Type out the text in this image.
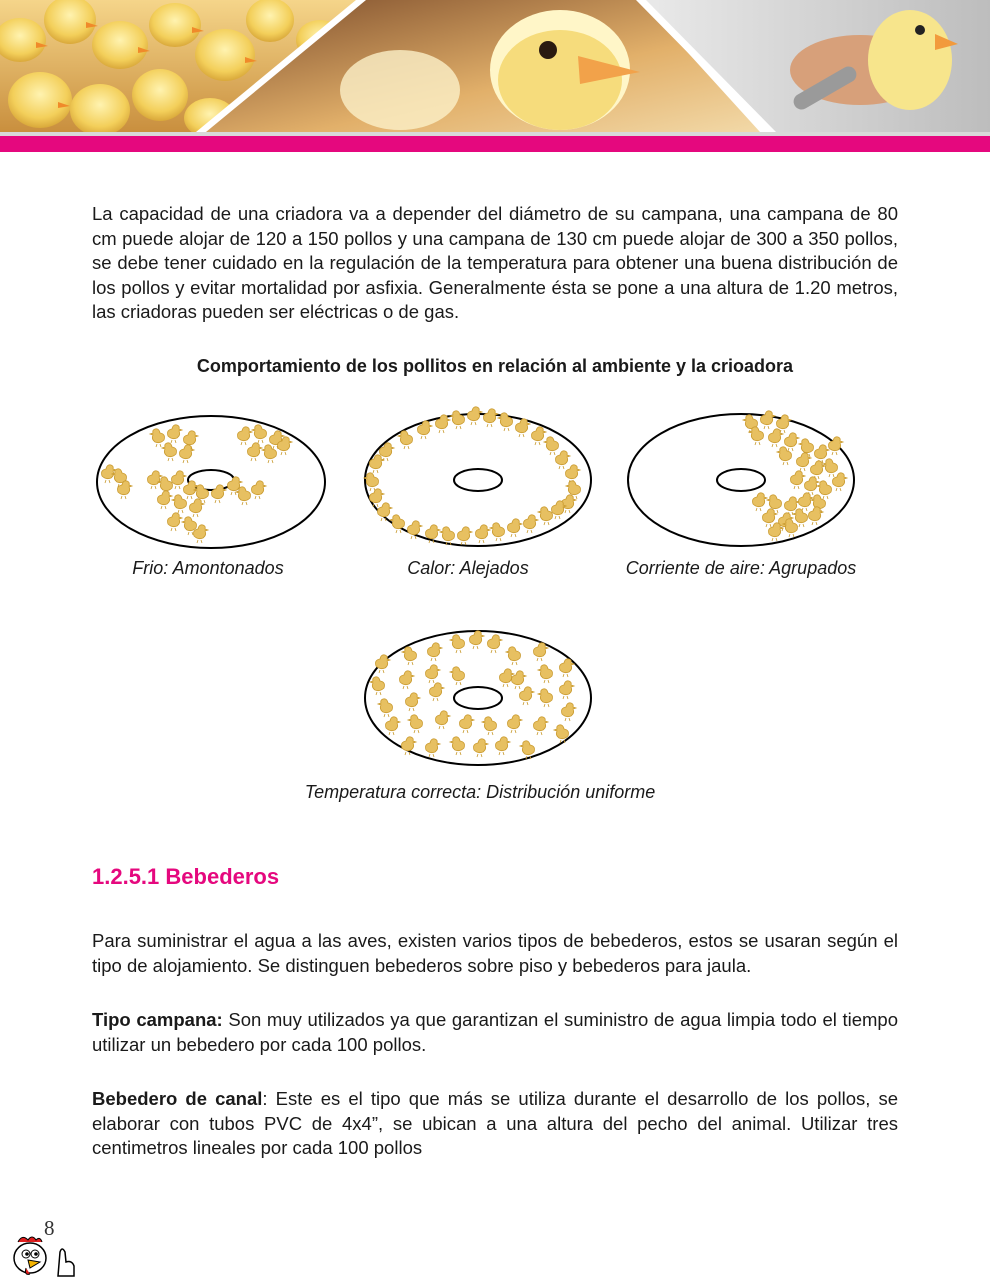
La capacidad de una criadora va a depender del diámetro de su campana, una campana de 80 cm puede alojar de 120 a 150 pollos y una campana de 130 cm puede alojar de 300 a 350 pollos, se debe tener cuidado en la regulación de la temperatura para obtener una buena distribución de los pollos y evitar mortalidad por asfixia. Generalmente ésta se pone a una altura de 1.20 metros, las criadoras pueden ser eléctricas o de gas.

Comportamiento de los pollitos en relación al ambiente y la crioadora

Frio: Amontonados	Calor: Alejados	Corriente de aire: Agrupados

Temperatura correcta: Distribución uniforme

1.2.5.1 Bebederos

Para suministrar el agua a las aves, existen varios tipos de bebederos, estos se usaran según el tipo de alojamiento. Se distinguen bebederos sobre piso y bebederos para jaula.

Tipo campana: Son muy utilizados ya que garantizan el suministro de agua limpia todo el tiempo utilizar un bebedero por cada 100 pollos.

Bebedero de canal: Este es el tipo que más se utiliza durante el desarrollo de los pollos, se elaborar con tubos PVC de 4x4”, se ubican a una altura del pecho del animal. Utilizar tres centimetros lineales por cada 100 pollos

8
